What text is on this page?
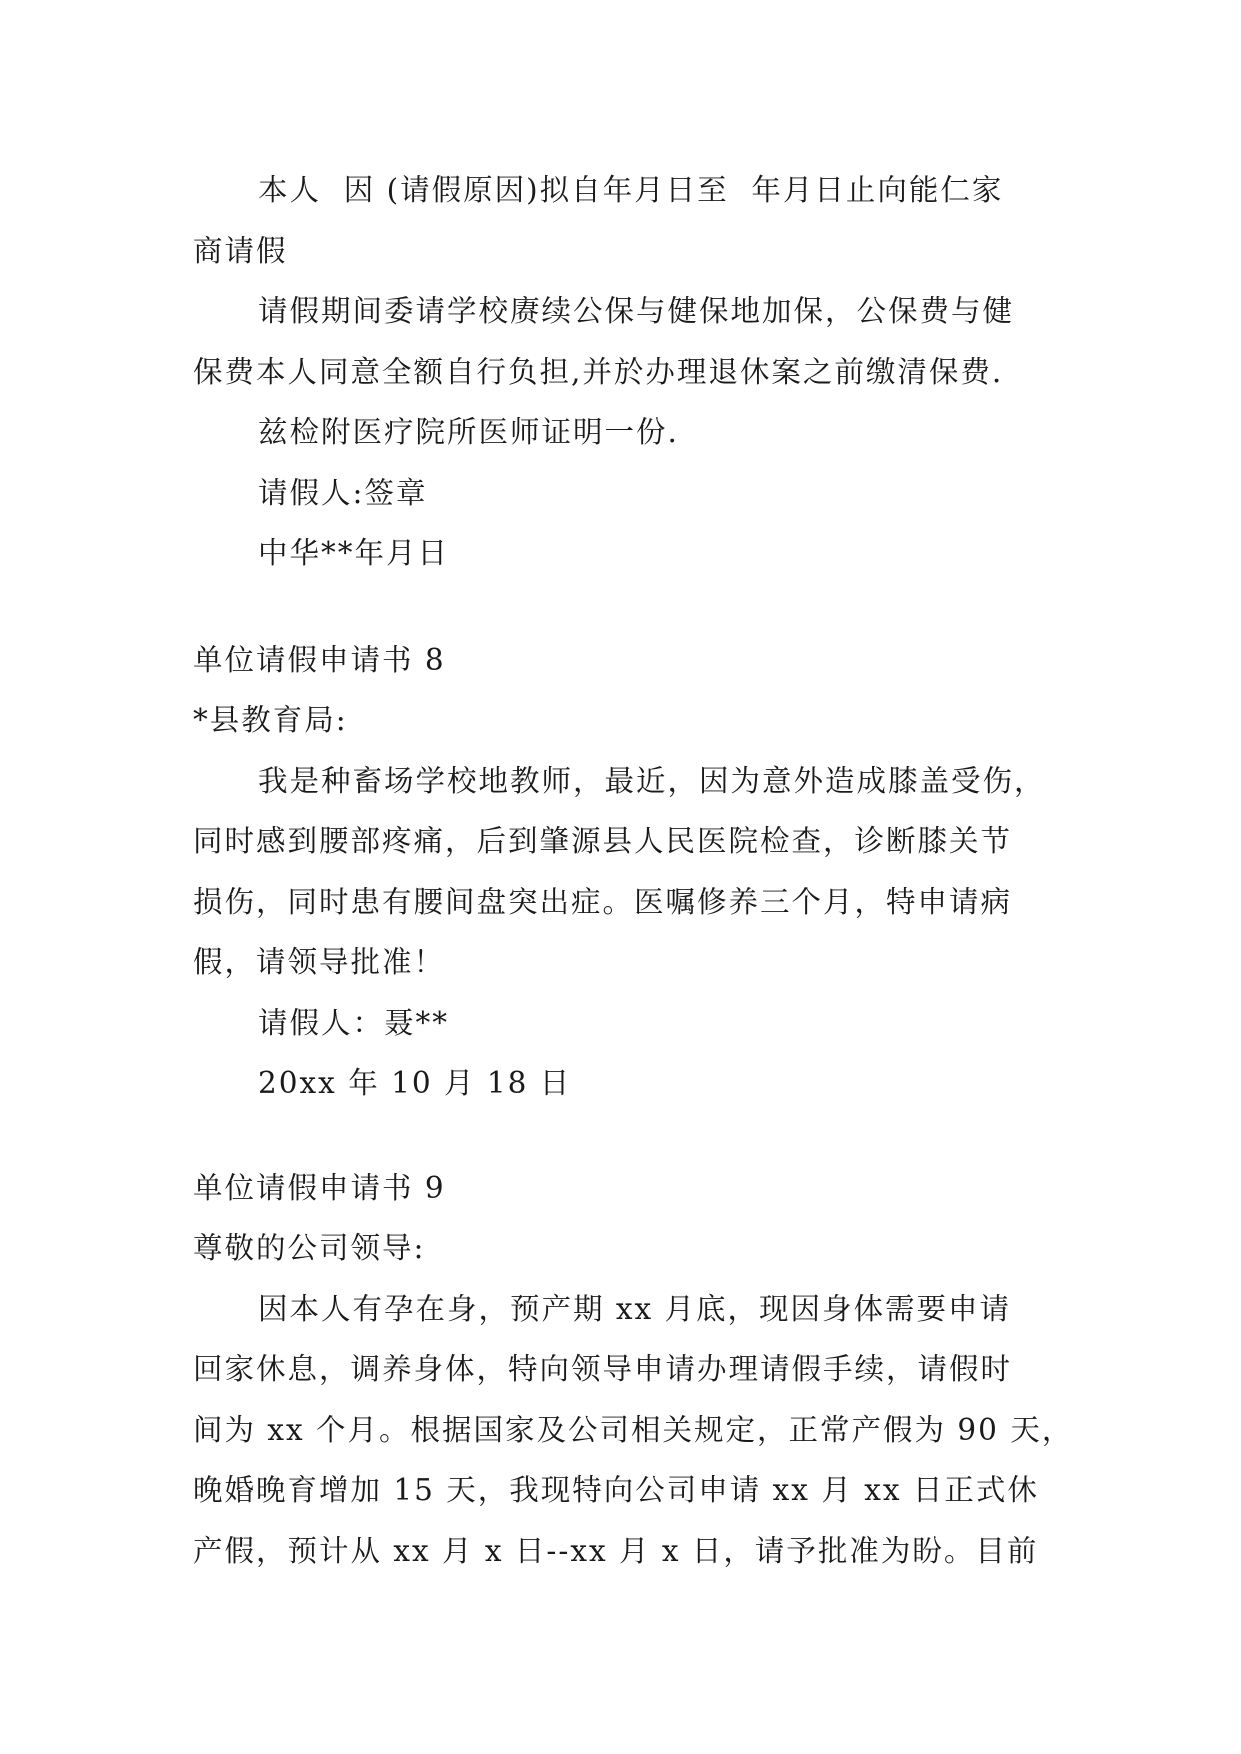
本人  因 (请假原因)拟自年月日至  年月日止向能仁家
商请假
请假期间委请学校赓续公保与健保地加保，公保费与健
保费本人同意全额自行负担,并於办理退休案之前缴清保费.
兹检附医疗院所医师证明一份.
请假人:签章
中华**年月日
单位请假申请书 8
*县教育局:
我是种畜场学校地教师，最近，因为意外造成膝盖受伤，
同时感到腰部疼痛，后到肇源县人民医院检查，诊断膝关节
损伤，同时患有腰间盘突出症。医嘱修养三个月，特申请病
假，请领导批准！
请假人：聂**
20xx 年 10 月 18 日
单位请假申请书 9
尊敬的公司领导:
因本人有孕在身，预产期 xx 月底，现因身体需要申请
回家休息，调养身体，特向领导申请办理请假手续，请假时
间为 xx 个月。根据国家及公司相关规定，正常产假为 90 天，
晚婚晚育增加 15 天，我现特向公司申请 xx 月 xx 日正式休
产假，预计从 xx 月 x 日--xx 月 x 日，请予批准为盼。目前
